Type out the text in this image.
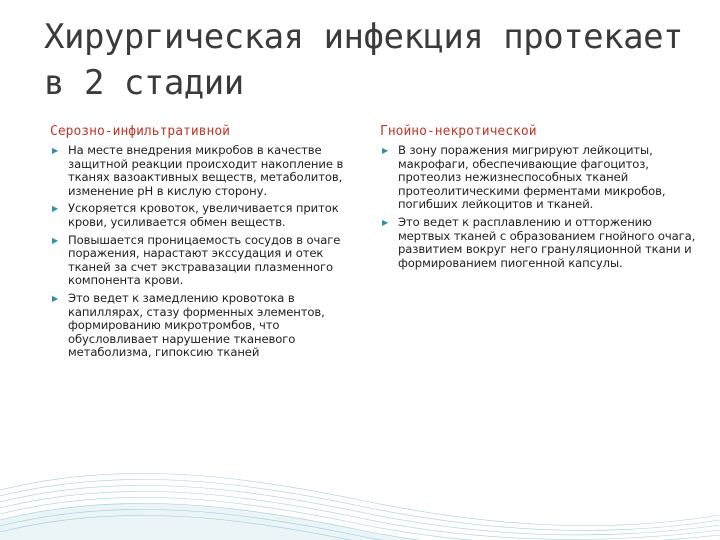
Хирургическая инфекция протекает в 2 стадии
Серозно-инфильтративной
▶ На месте внедрения микробов в качестве защитной реакции происходит накопление в тканях вазоактивных веществ, метаболитов, изменение рН в кислую сторону.
▶ Ускоряется кровоток, увеличивается приток крови, усиливается обмен веществ.
▶ Повышается проницаемость сосудов в очаге поражения, нарастают экссудация и отек тканей за счет экстравазации плазменного компонента крови.
▶ Это ведет к замедлению кровотока в капиллярах, стазу форменных элементов, формированию микротромбов, что обусловливает нарушение тканевого метаболизма, гипоксию тканей
Гнойно-некротической
▶ В зону поражения мигрируют лейкоциты, макрофаги, обеспечивающие фагоцитоз, протеолиз нежизнеспособных тканей протеолитическими ферментами микробов, погибших лейкоцитов и тканей.
▶ Это ведет к расплавлению и отторжению мертвых тканей с образованием гнойного очага, развитием вокруг него грануляционной ткани и формированием пиогенной капсулы.
